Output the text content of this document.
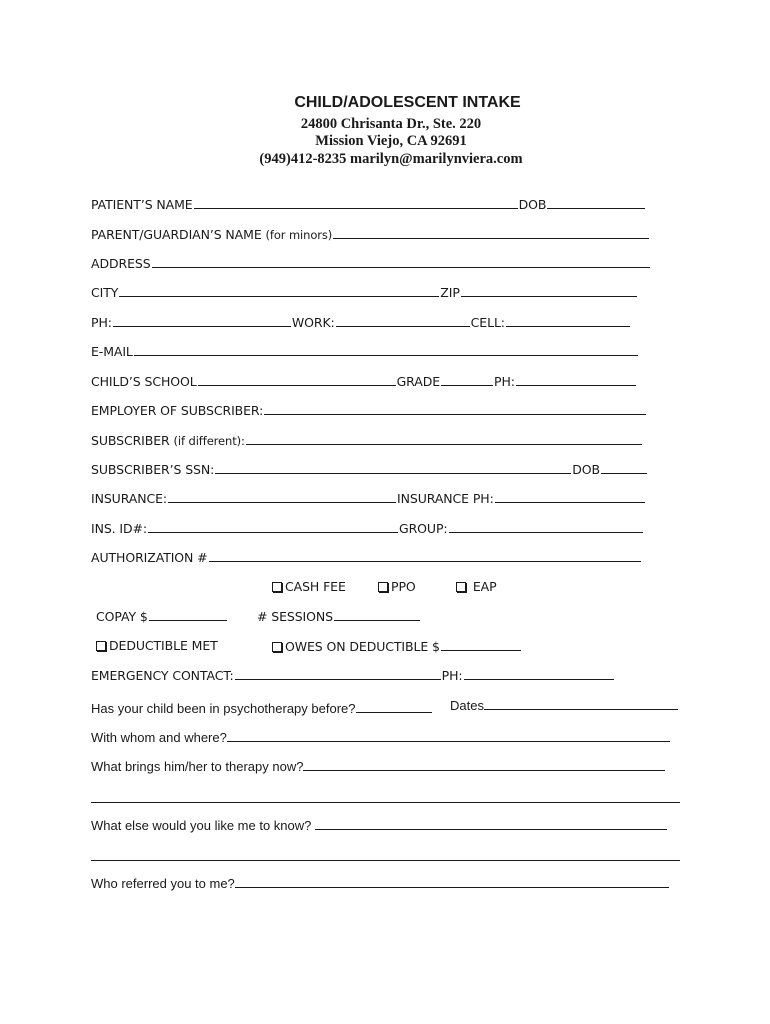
CHILD/ADOLESCENT INTAKE
24800 Chrisanta Dr., Ste. 220
Mission Viejo, CA 92691
(949)412-8235 marilyn@marilynviera.com
PATIENT’S NAME	DOB
PARENT/GUARDIAN’S NAME (for minors)
ADDRESS
CITY	ZIP
PH:	WORK:	CELL:
E-MAIL
CHILD’S SCHOOL	GRADE	PH:
EMPLOYER OF SUBSCRIBER:
SUBSCRIBER (if different):
SUBSCRIBER’S SSN:	DOB
INSURANCE:	INSURANCE PH:
INS. ID#:	GROUP:
AUTHORIZATION #
CASH FEE	PPO	EAP
COPAY $	# SESSIONS
DEDUCTIBLE MET	OWES ON DEDUCTIBLE $
EMERGENCY CONTACT:	PH:
Has your child been in psychotherapy before?	Dates
With whom and where?
What brings him/her to therapy now?
What else would you like me to know?
Who referred you to me?
